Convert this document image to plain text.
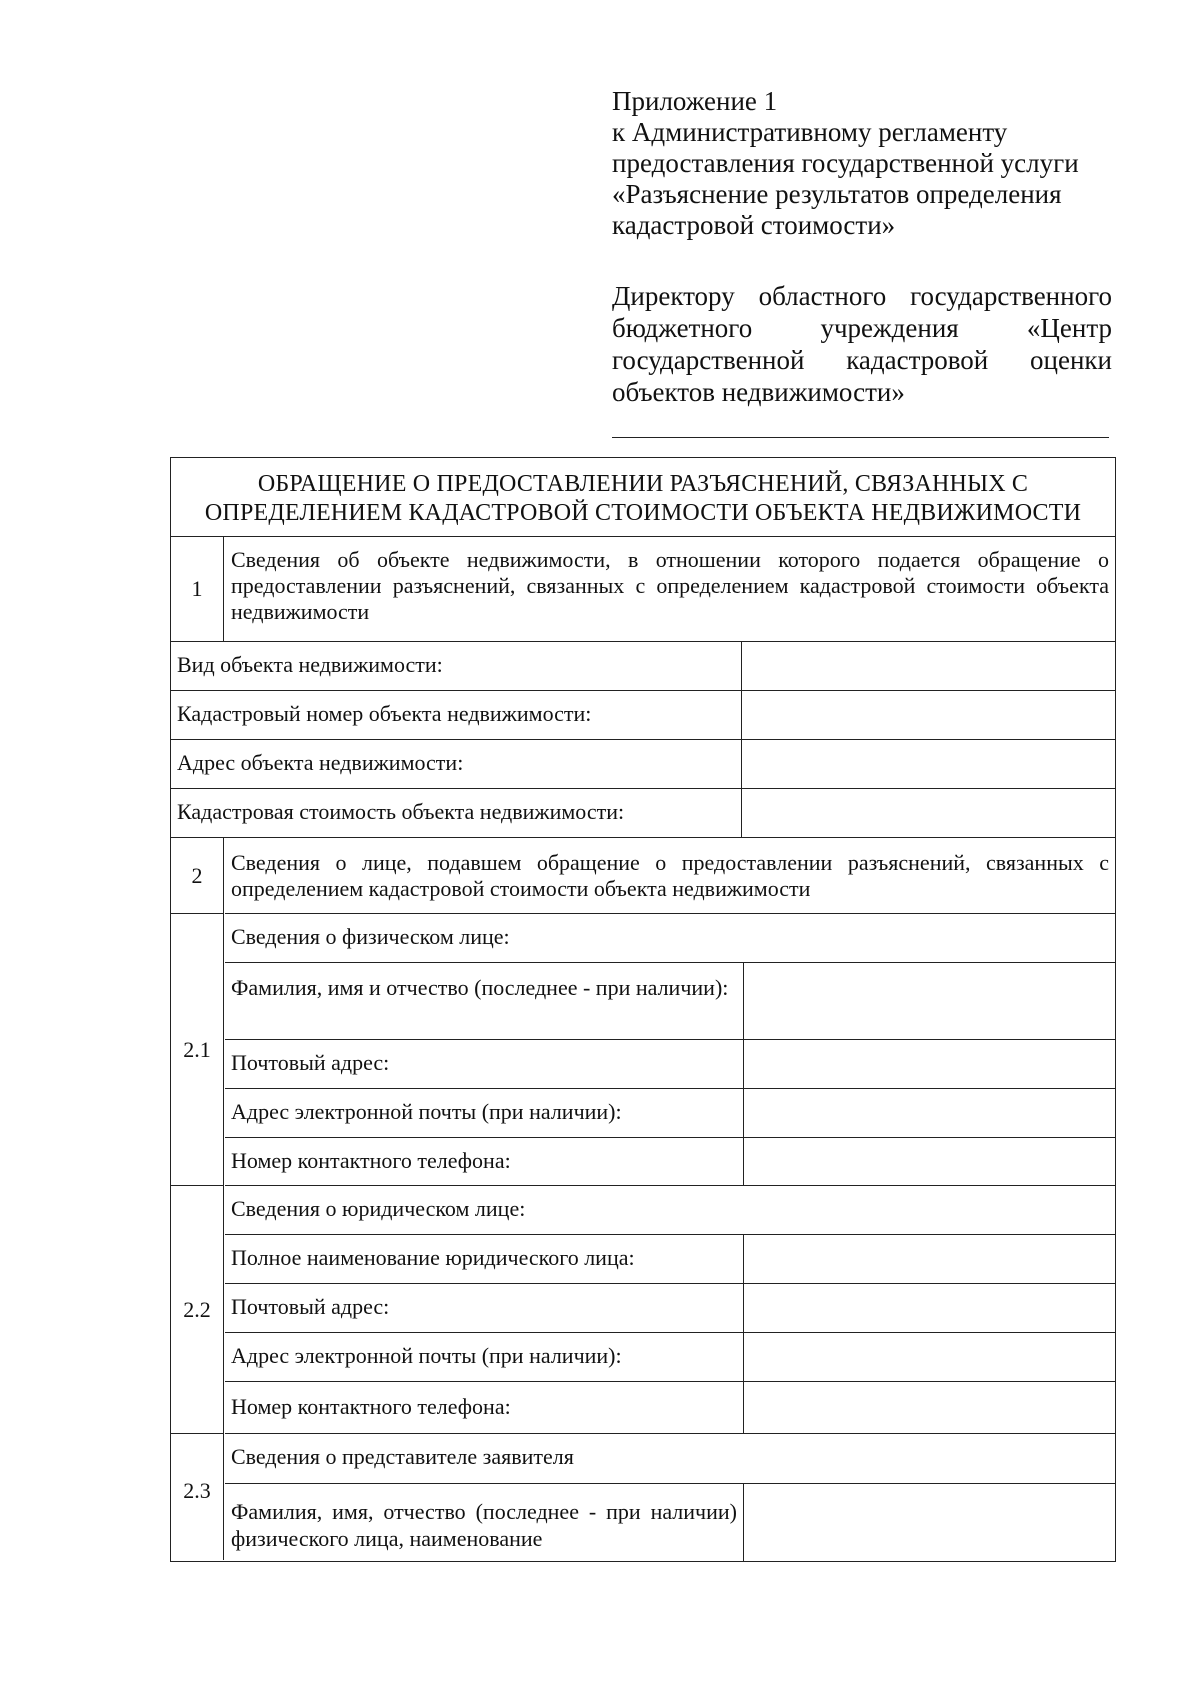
Приложение 1
к Административному регламенту
предоставления государственной услуги
«Разъяснение результатов определения
кадастровой стоимости»
Директору областного государственного бюджетного учреждения «Центр государственной кадастровой оценки объектов недвижимости»
ОБРАЩЕНИЕ О ПРЕДОСТАВЛЕНИИ РАЗЪЯСНЕНИЙ, СВЯЗАННЫХ С
ОПРЕДЕЛЕНИЕМ КАДАСТРОВОЙ СТОИМОСТИ ОБЪЕКТА НЕДВИЖИМОСТИ
1
Сведения об объекте недвижимости, в отношении которого подается обращение о предоставлении разъяснений, связанных с определением кадастровой стоимости объекта недвижимости
Вид объекта недвижимости:
Кадастровый номер объекта недвижимости:
Адрес объекта недвижимости:
Кадастровая стоимость объекта недвижимости:
2	Сведения о лице, подавшем обращение о предоставлении разъяснений, связанных с определением кадастровой стоимости объекта недвижимости
2.1
Сведения о физическом лице:
Фамилия, имя и отчество (последнее - при наличии):
Почтовый адрес:
Адрес электронной почты (при наличии):
Номер контактного телефона:
2.2
Сведения о юридическом лице:
Полное наименование юридического лица:
Почтовый адрес:
Адрес электронной почты (при наличии):
Номер контактного телефона:
2.3
Сведения о представителе заявителя
Фамилия, имя, отчество (последнее - при наличии) физического лица, наименование
